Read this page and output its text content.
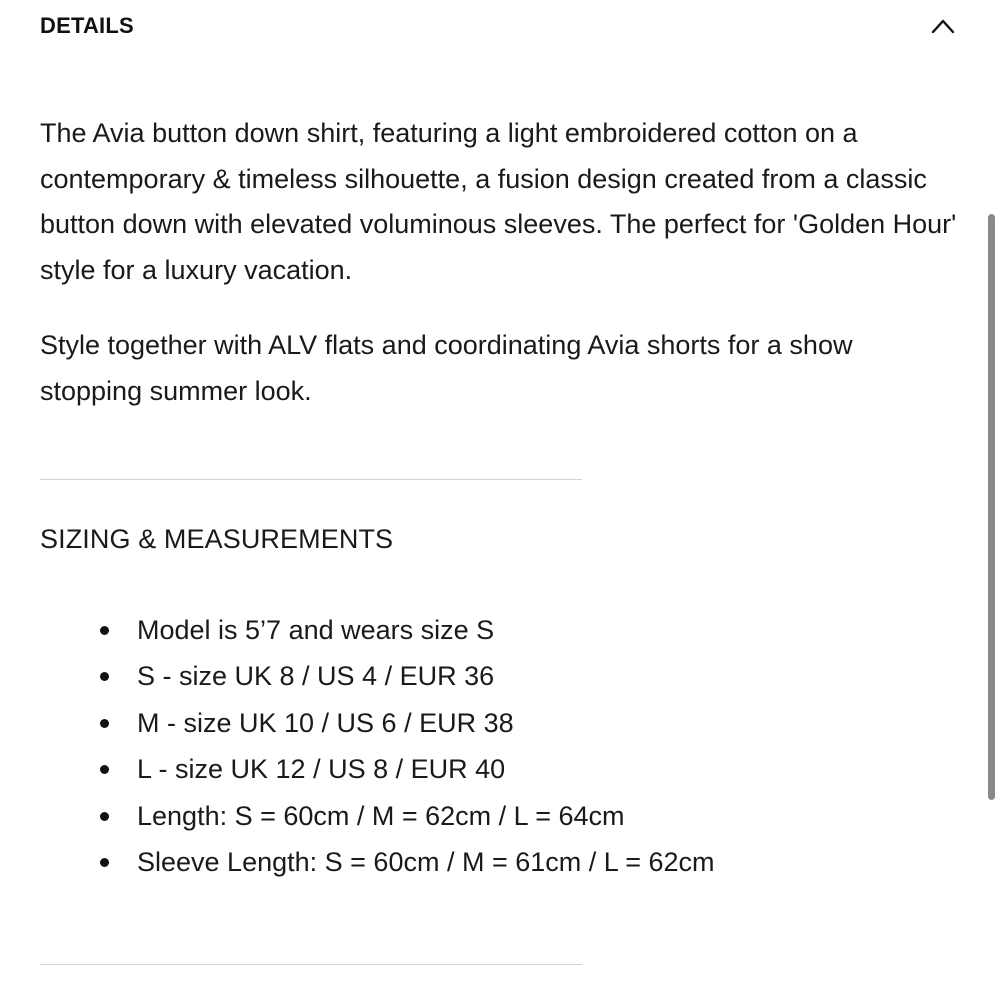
DETAILS

The Avia button down shirt, featuring a light embroidered cotton on a contemporary & timeless silhouette, a fusion design created from a classic button down with elevated voluminous sleeves. The perfect for 'Golden Hour' style for a luxury vacation.

Style together with ALV flats and coordinating Avia shorts for a show stopping summer look.

SIZING & MEASUREMENTS
Model is 5’7 and wears size S
S - size UK 8 / US 4 / EUR 36
M - size UK 10 / US 6 / EUR 38
L - size UK 12 / US 8 / EUR 40
Length: S = 60cm / M = 62cm / L = 64cm
Sleeve Length: S = 60cm / M = 61cm / L = 62cm
